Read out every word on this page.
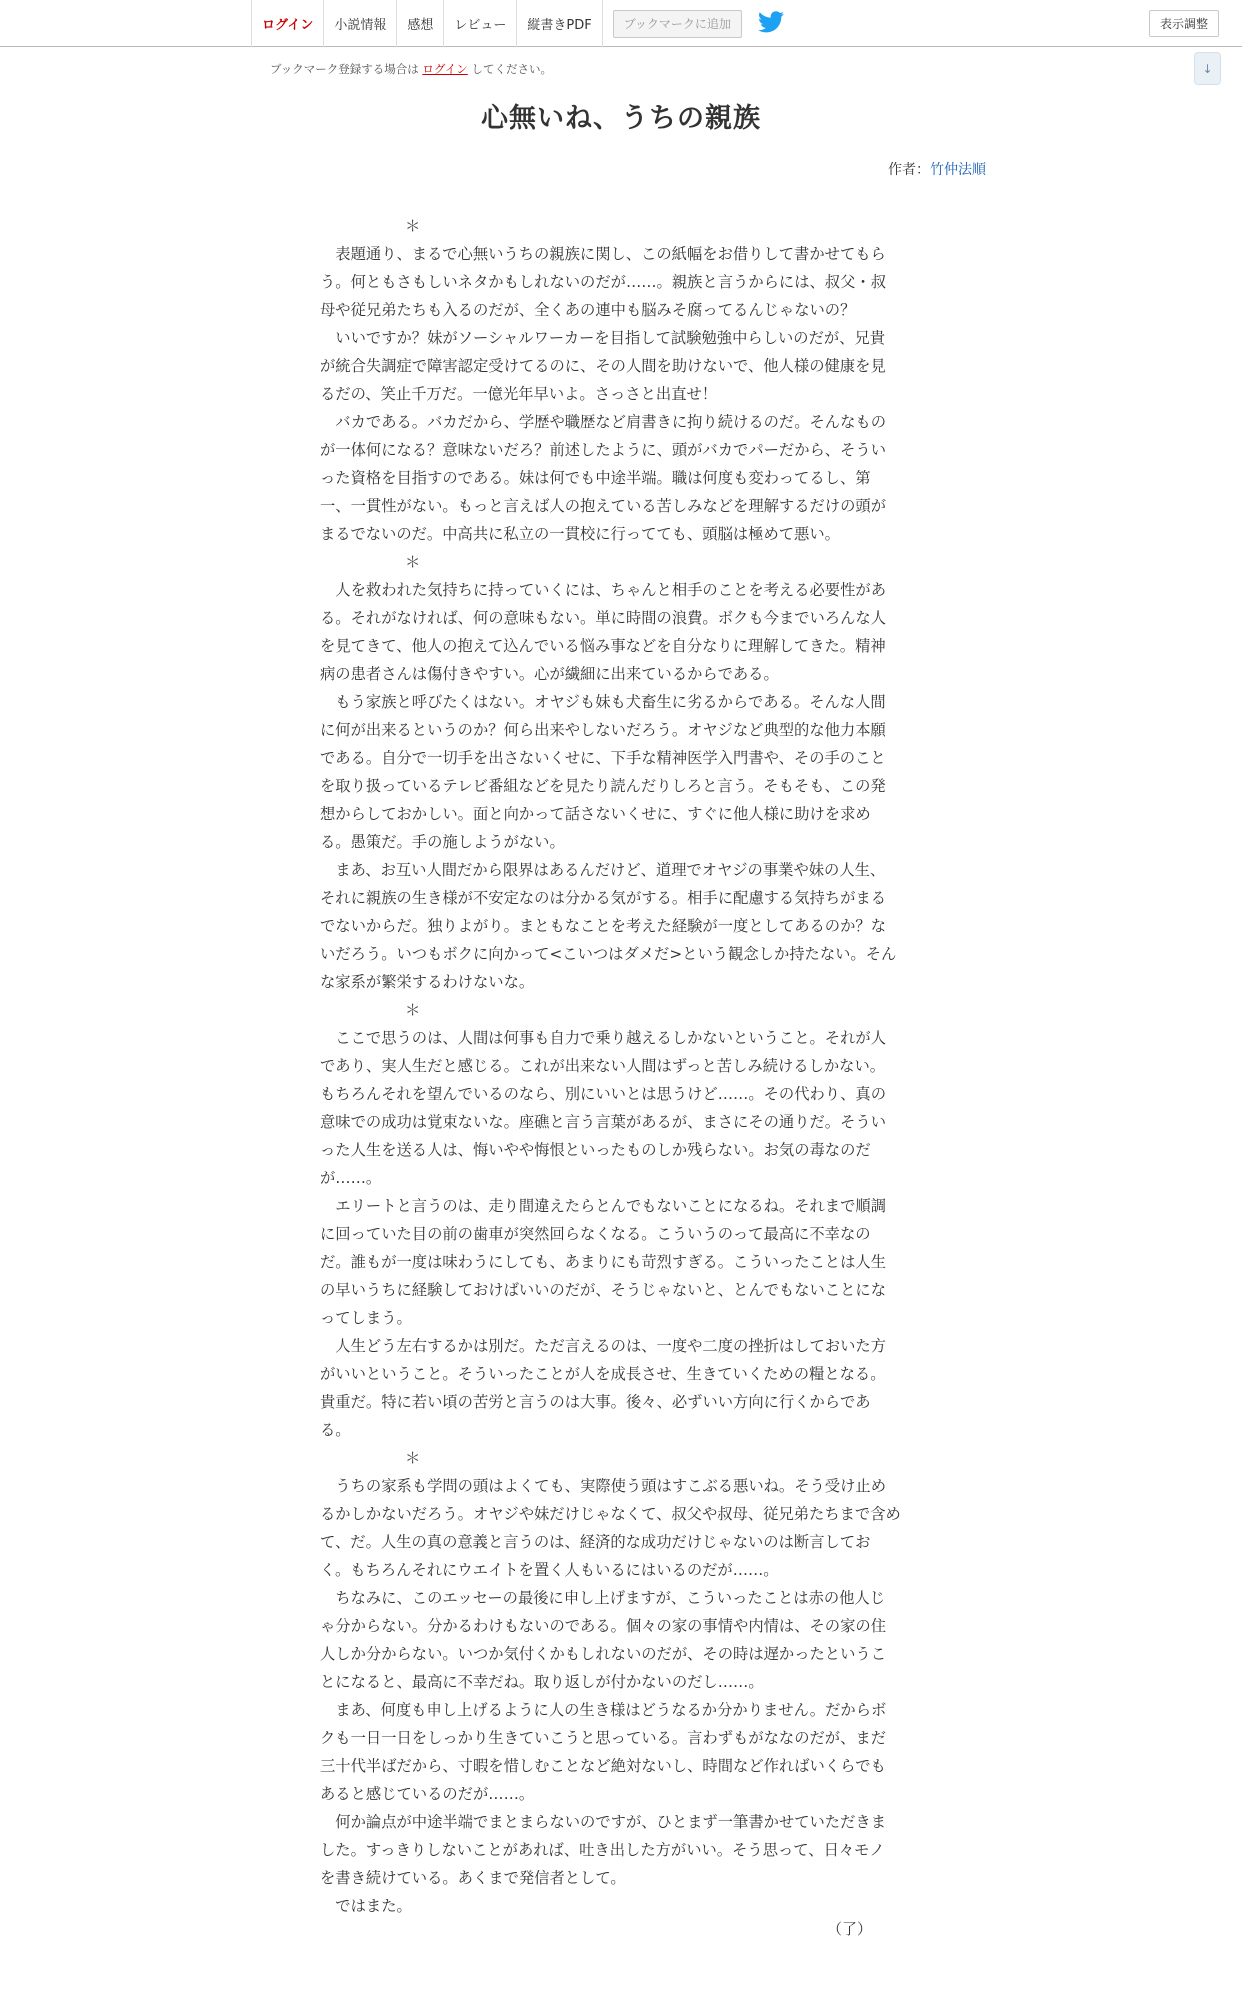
ログイン	小説情報	感想	レビュー	縦書きPDF	ブックマークに追加	表示調整
↓
ブックマーク登録する場合は ログイン してください。
心無いね、うちの親族
作者：竹仲法順
＊
　表題通り、まるで心無いうちの親族に関し、この紙幅をお借りして書かせてもら
う。何ともさもしいネタかもしれないのだが……。親族と言うからには、叔父・叔
母や従兄弟たちも入るのだが、全くあの連中も脳みそ腐ってるんじゃないの？
　いいですか？妹がソーシャルワーカーを目指して試験勉強中らしいのだが、兄貴
が統合失調症で障害認定受けてるのに、その人間を助けないで、他人様の健康を見
るだの、笑止千万だ。一億光年早いよ。さっさと出直せ！
　バカである。バカだから、学歴や職歴など肩書きに拘り続けるのだ。そんなもの
が一体何になる？意味ないだろ？前述したように、頭がバカでパーだから、そうい
った資格を目指すのである。妹は何でも中途半端。職は何度も変わってるし、第
一、一貫性がない。もっと言えば人の抱えている苦しみなどを理解するだけの頭が
まるでないのだ。中高共に私立の一貫校に行ってても、頭脳は極めて悪い。
＊
　人を救われた気持ちに持っていくには、ちゃんと相手のことを考える必要性があ
る。それがなければ、何の意味もない。単に時間の浪費。ボクも今までいろんな人
を見てきて、他人の抱えて込んでいる悩み事などを自分なりに理解してきた。精神
病の患者さんは傷付きやすい。心が繊細に出来ているからである。
　もう家族と呼びたくはない。オヤジも妹も犬畜生に劣るからである。そんな人間
に何が出来るというのか？何ら出来やしないだろう。オヤジなど典型的な他力本願
である。自分で一切手を出さないくせに、下手な精神医学入門書や、その手のこと
を取り扱っているテレビ番組などを見たり読んだりしろと言う。そもそも、この発
想からしておかしい。面と向かって話さないくせに、すぐに他人様に助けを求め
る。愚策だ。手の施しようがない。
　まあ、お互い人間だから限界はあるんだけど、道理でオヤジの事業や妹の人生、
それに親族の生き様が不安定なのは分かる気がする。相手に配慮する気持ちがまる
でないからだ。独りよがり。まともなことを考えた経験が一度としてあるのか？な
いだろう。いつもボクに向かって<こいつはダメだ>という観念しか持たない。そん
な家系が繁栄するわけないな。
＊
　ここで思うのは、人間は何事も自力で乗り越えるしかないということ。それが人
であり、実人生だと感じる。これが出来ない人間はずっと苦しみ続けるしかない。
もちろんそれを望んでいるのなら、別にいいとは思うけど……。その代わり、真の
意味での成功は覚束ないな。座礁と言う言葉があるが、まさにその通りだ。そうい
った人生を送る人は、悔いやや悔恨といったものしか残らない。お気の毒なのだ
が……。
　エリートと言うのは、走り間違えたらとんでもないことになるね。それまで順調
に回っていた目の前の歯車が突然回らなくなる。こういうのって最高に不幸なの
だ。誰もが一度は味わうにしても、あまりにも苛烈すぎる。こういったことは人生
の早いうちに経験しておけばいいのだが、そうじゃないと、とんでもないことにな
ってしまう。
　人生どう左右するかは別だ。ただ言えるのは、一度や二度の挫折はしておいた方
がいいということ。そういったことが人を成長させ、生きていくための糧となる。
貴重だ。特に若い頃の苦労と言うのは大事。後々、必ずいい方向に行くからであ
る。
＊
　うちの家系も学問の頭はよくても、実際使う頭はすこぶる悪いね。そう受け止め
るかしかないだろう。オヤジや妹だけじゃなくて、叔父や叔母、従兄弟たちまで含め
て、だ。人生の真の意義と言うのは、経済的な成功だけじゃないのは断言してお
く。もちろんそれにウエイトを置く人もいるにはいるのだが……。
　ちなみに、このエッセーの最後に申し上げますが、こういったことは赤の他人じ
ゃ分からない。分かるわけもないのである。個々の家の事情や内情は、その家の住
人しか分からない。いつか気付くかもしれないのだが、その時は遅かったというこ
とになると、最高に不幸だね。取り返しが付かないのだし……。
　まあ、何度も申し上げるように人の生き様はどうなるか分かりません。だからボ
クも一日一日をしっかり生きていこうと思っている。言わずもがななのだが、まだ
三十代半ばだから、寸暇を惜しむことなど絶対ないし、時間など作ればいくらでも
あると感じているのだが……。
　何か論点が中途半端でまとまらないのですが、ひとまず一筆書かせていただきま
した。すっきりしないことがあれば、吐き出した方がいい。そう思って、日々モノ
を書き続けている。あくまで発信者として。
　ではまた。
（了）
